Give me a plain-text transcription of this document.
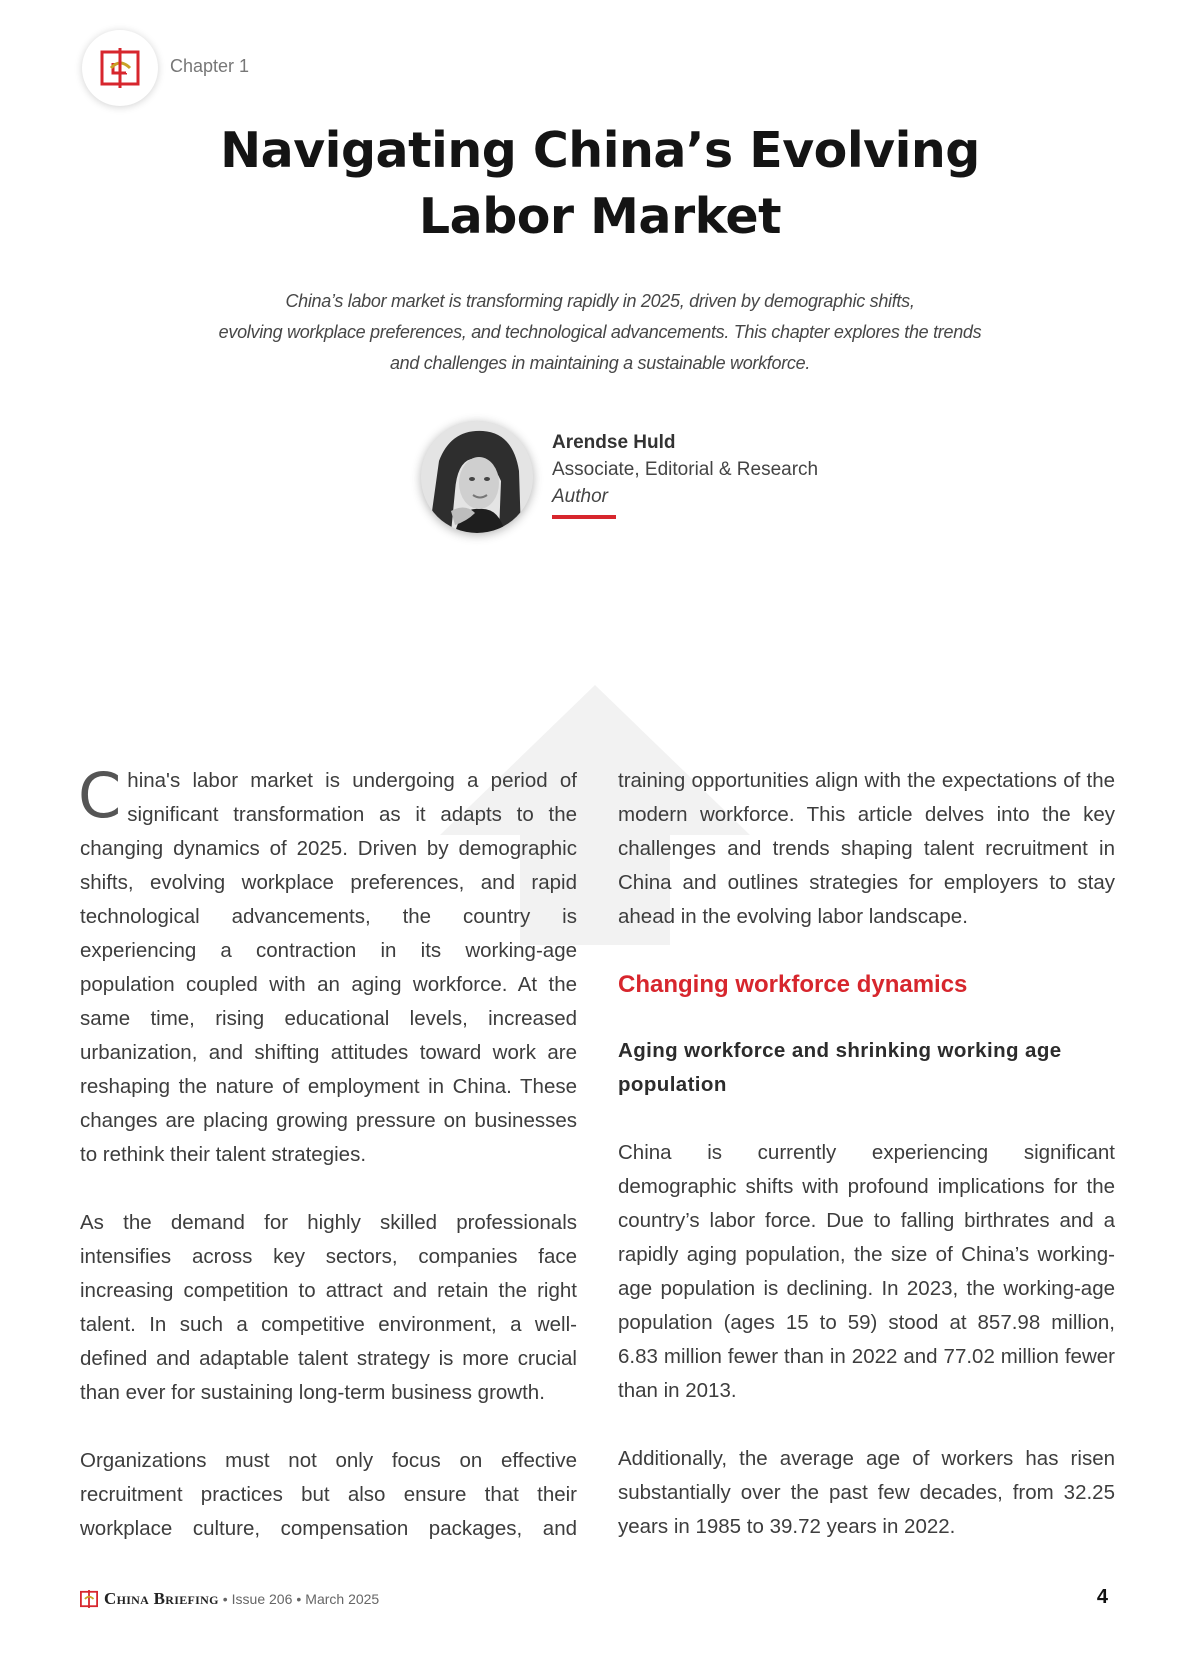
Chapter 1
Navigating China’s Evolving
Labor Market

China’s labor market is transforming rapidly in 2025, driven by demographic shifts,
evolving workplace preferences, and technological advancements. This chapter explores the trends
and challenges in maintaining a sustainable workforce.

Arendse Huld
Associate, Editorial & Research
Author

China's labor market is undergoing a period of significant transformation as it adapts to the changing dynamics of 2025. Driven by demographic shifts, evolving workplace preferences, and rapid technological advancements, the country is experiencing a contraction in its working-age population coupled with an aging workforce. At the same time, rising educational levels, increased urbanization, and shifting attitudes toward work are reshaping the nature of employment in China. These changes are placing growing pressure on businesses to rethink their talent strategies.

As the demand for highly skilled professionals intensifies across key sectors, companies face increasing competition to attract and retain the right talent. In such a competitive environment, a well-defined and adaptable talent strategy is more crucial than ever for sustaining long-term business growth.

Organizations must not only focus on effective recruitment practices but also ensure that their workplace culture, compensation packages, and

training opportunities align with the expectations of the modern workforce. This article delves into the key challenges and trends shaping talent recruitment in China and outlines strategies for employers to stay ahead in the evolving labor landscape.

Changing workforce dynamics
Aging workforce and shrinking working age population

China is currently experiencing significant demographic shifts with profound implications for the country’s labor force. Due to falling birthrates and a rapidly aging population, the size of China’s working-age population is declining. In 2023, the working-age population (ages 15 to 59) stood at 857.98 million, 6.83 million fewer than in 2022 and 77.02 million fewer than in 2013.

Additionally, the average age of workers has risen substantially over the past few decades, from 32.25 years in 1985 to 39.72 years in 2022.

China Briefing • Issue 206 • March 2025	4
